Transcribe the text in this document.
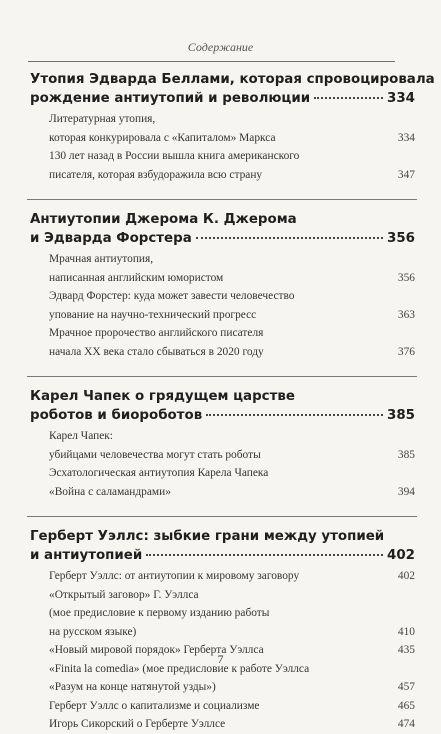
Содержание
Утопия Эдварда Беллами, которая спровоцировала
рождение антиутопий и революции	334
Литературная утопия,
которая конкурировала с «Капиталом» Маркса	334
130 лет назад в России вышла книга американского
писателя, которая взбудоражила всю страну	347
Антиутопии Джерома К. Джерома
и Эдварда Форстера	356
Мрачная антиутопия,
написанная английским юмористом	356
Эдвард Форстер: куда может завести человечество
упование на научно-технический прогресс	363
Мрачное пророчество английского писателя
начала XX века стало сбываться в 2020 году	376
Карел Чапек о грядущем царстве
роботов и биороботов	385
Карел Чапек:
убийцами человечества могут стать роботы	385
Эсхатологическая антиутопия Карела Чапека
«Война с саламандрами»	394
Герберт Уэллс: зыбкие грани между утопией
и антиутопией	402
Герберт Уэллс: от антиутопии к мировому заговору	402
«Открытый заговор» Г. Уэллса
(мое предисловие к первому изданию работы
на русском языке)	410
«Новый мировой порядок» Герберта Уэллса	435
«Finita la comedia» (мое предисловие к работе Уэллса
«Разум на конце натянутой узды»)	457
Герберт Уэллс о капитализме и социализме	465
Игорь Сикорский о Герберте Уэллсе	474
7
